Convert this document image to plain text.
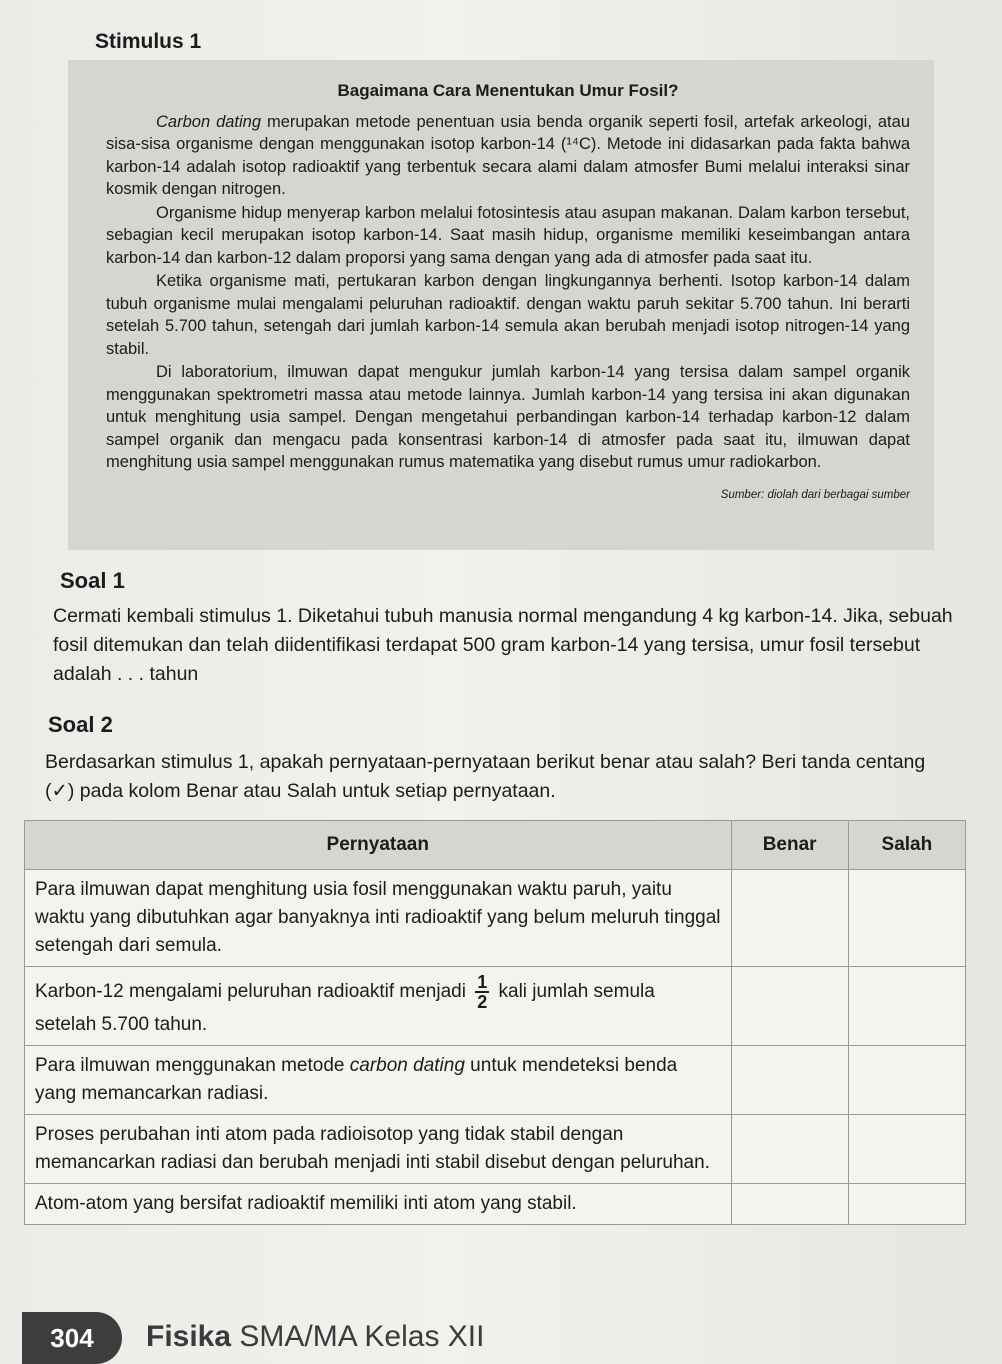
Stimulus 1
Bagaimana Cara Menentukan Umur Fosil?

Carbon dating merupakan metode penentuan usia benda organik seperti fosil, artefak arkeologi, atau sisa-sisa organisme dengan menggunakan isotop karbon-14 (¹⁴C). Metode ini didasarkan pada fakta bahwa karbon-14 adalah isotop radioaktif yang terbentuk secara alami dalam atmosfer Bumi melalui interaksi sinar kosmik dengan nitrogen.

Organisme hidup menyerap karbon melalui fotosintesis atau asupan makanan. Dalam karbon tersebut, sebagian kecil merupakan isotop karbon-14. Saat masih hidup, organisme memiliki keseimbangan antara karbon-14 dan karbon-12 dalam proporsi yang sama dengan yang ada di atmosfer pada saat itu.

Ketika organisme mati, pertukaran karbon dengan lingkungannya berhenti. Isotop karbon-14 dalam tubuh organisme mulai mengalami peluruhan radioaktif. dengan waktu paruh sekitar 5.700 tahun. Ini berarti setelah 5.700 tahun, setengah dari jumlah karbon-14 semula akan berubah menjadi isotop nitrogen-14 yang stabil.

Di laboratorium, ilmuwan dapat mengukur jumlah karbon-14 yang tersisa dalam sampel organik menggunakan spektrometri massa atau metode lainnya. Jumlah karbon-14 yang tersisa ini akan digunakan untuk menghitung usia sampel. Dengan mengetahui perbandingan karbon-14 terhadap karbon-12 dalam sampel organik dan mengacu pada konsentrasi karbon-14 di atmosfer pada saat itu, ilmuwan dapat menghitung usia sampel menggunakan rumus matematika yang disebut rumus umur radiokarbon.

Sumber: diolah dari berbagai sumber
Soal 1
Cermati kembali stimulus 1. Diketahui tubuh manusia normal mengandung 4 kg karbon-14. Jika, sebuah fosil ditemukan dan telah diidentifikasi terdapat 500 gram karbon-14 yang tersisa, umur fosil tersebut adalah . . . tahun
Soal 2
Berdasarkan stimulus 1, apakah pernyataan-pernyataan berikut benar atau salah? Beri tanda centang (✓) pada kolom Benar atau Salah untuk setiap pernyataan.
Pernyataan	Benar	Salah
Para ilmuwan dapat menghitung usia fosil menggunakan waktu paruh, yaitu waktu yang dibutuhkan agar banyaknya inti radioaktif yang belum meluruh tinggal setengah dari semula.		
Karbon-12 mengalami peluruhan radioaktif menjadi $\frac{1}{2}$ kali jumlah semula setelah 5.700 tahun.		
Para ilmuwan menggunakan metode carbon dating untuk mendeteksi benda yang memancarkan radiasi.		
Proses perubahan inti atom pada radioisotop yang tidak stabil dengan memancarkan radiasi dan berubah menjadi inti stabil disebut dengan peluruhan.		
Atom-atom yang bersifat radioaktif memiliki inti atom yang stabil.		
304	Fisika SMA/MA Kelas XII
